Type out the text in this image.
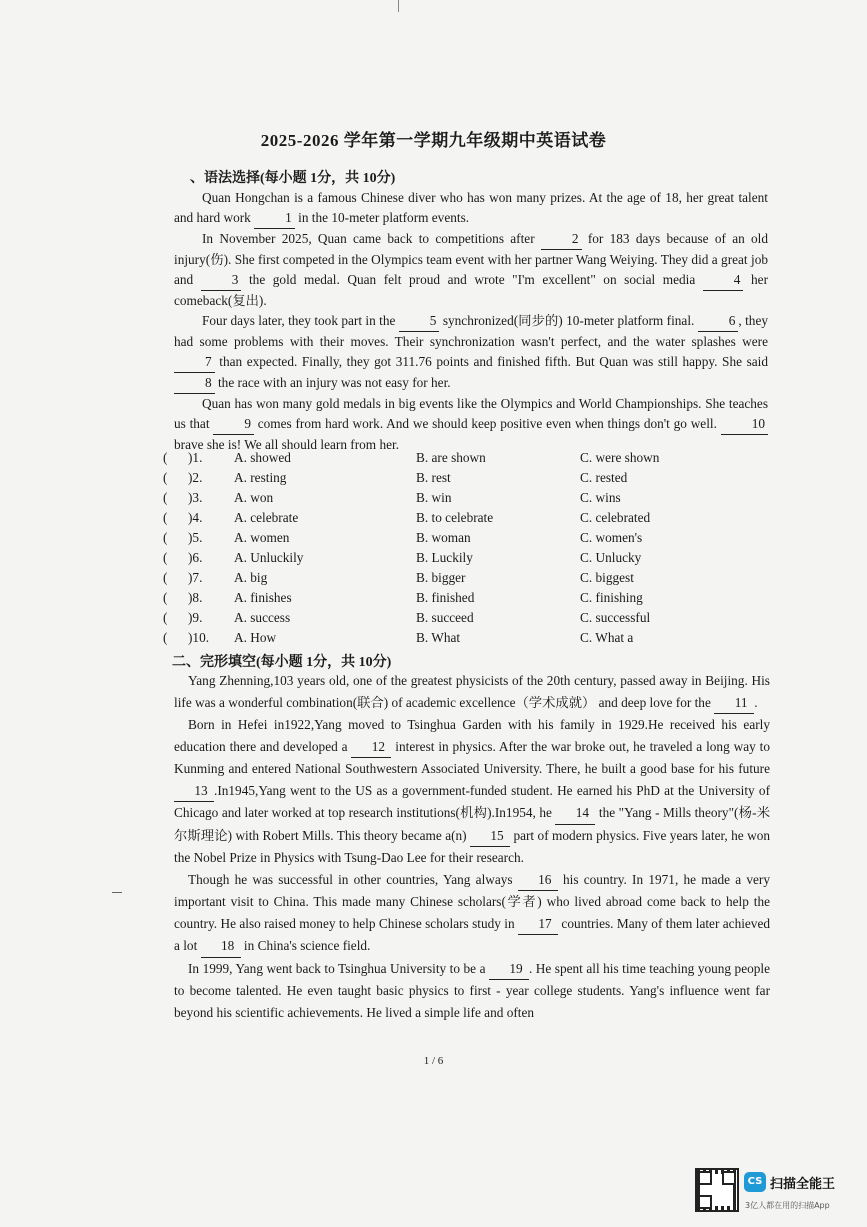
2025-2026 学年第一学期九年级期中英语试卷
、语法选择(每小题 1分，共 10分)

Quan Hongchan is a famous Chinese diver who has won many prizes. At the age of 18, her great talent and hard work 1 in the 10-meter platform events.

In November 2025, Quan came back to competitions after 2 for 183 days because of an old injury(伤). She first competed in the Olympics team event with her partner Wang Weiying. They did a great job and 3 the gold medal. Quan felt proud and wrote "I'm excellent" on social media 4 her comeback(复出).

Four days later, they took part in the 5 synchronized(同步的) 10-meter platform final. 6 , they had some problems with their moves. Their synchronization wasn't perfect, and the water splashes were 7 than expected. Finally, they got 311.76 points and finished fifth. But Quan was still happy. She said 8 the race with an injury was not easy for her.

Quan has won many gold medals in big events like the Olympics and World Championships. She teaches us that 9 comes from hard work. And we should keep positive even when things don't go well. 10 brave she is! We all should learn from her.

( )1. A. showed	B. are shown	C. were shown
( )2. A. resting	B. rest	C. rested
( )3. A. won	B. win	C. wins
( )4. A. celebrate	B. to celebrate	C. celebrated
( )5. A. women	B. woman	C. women's
( )6. A. Unluckily	B. Luckily	C. Unlucky
( )7. A. big	B. bigger	C. biggest
( )8. A. finishes	B. finished	C. finishing
( )9. A. success	B. succeed	C. successful
( )10. A. How	B. What	C. What a
二、完形填空(每小题 1分，共 10分)

Yang Zhenning,103 years old, one of the greatest physicists of the 20th century, passed away in Beijing. His life was a wonderful combination(联合) of academic excellence（学术成就） and deep love for the 11 .

Born in Hefei in1922,Yang moved to Tsinghua Garden with his family in 1929.He received his early education there and developed a 12 interest in physics. After the war broke out, he traveled a long way to Kunming and entered National Southwestern Associated University. There, he built a good base for his future 13 .In1945,Yang went to the US as a government-funded student. He earned his PhD at the University of Chicago and later worked at top research institutions(机构).In1954, he 14 the "Yang - Mills theory"(杨-米尔斯理论) with Robert Mills. This theory became a(n) 15 part of modern physics. Five years later, he won the Nobel Prize in Physics with Tsung-Dao Lee for their research.

Though he was successful in other countries, Yang always 16 his country. In 1971, he made a very important visit to China. This made many Chinese scholars(学者) who lived abroad come back to help the country. He also raised money to help Chinese scholars study in 17 countries. Many of them later achieved a lot 18 in China's science field.

In 1999, Yang went back to Tsinghua University to be a 19 . He spent all his time teaching young people to become talented. He even taught basic physics to first - year college students. Yang's influence went far beyond his scientific achievements. He lived a simple life and often

1 / 6
CS 扫描全能王
3亿人都在用的扫描App
